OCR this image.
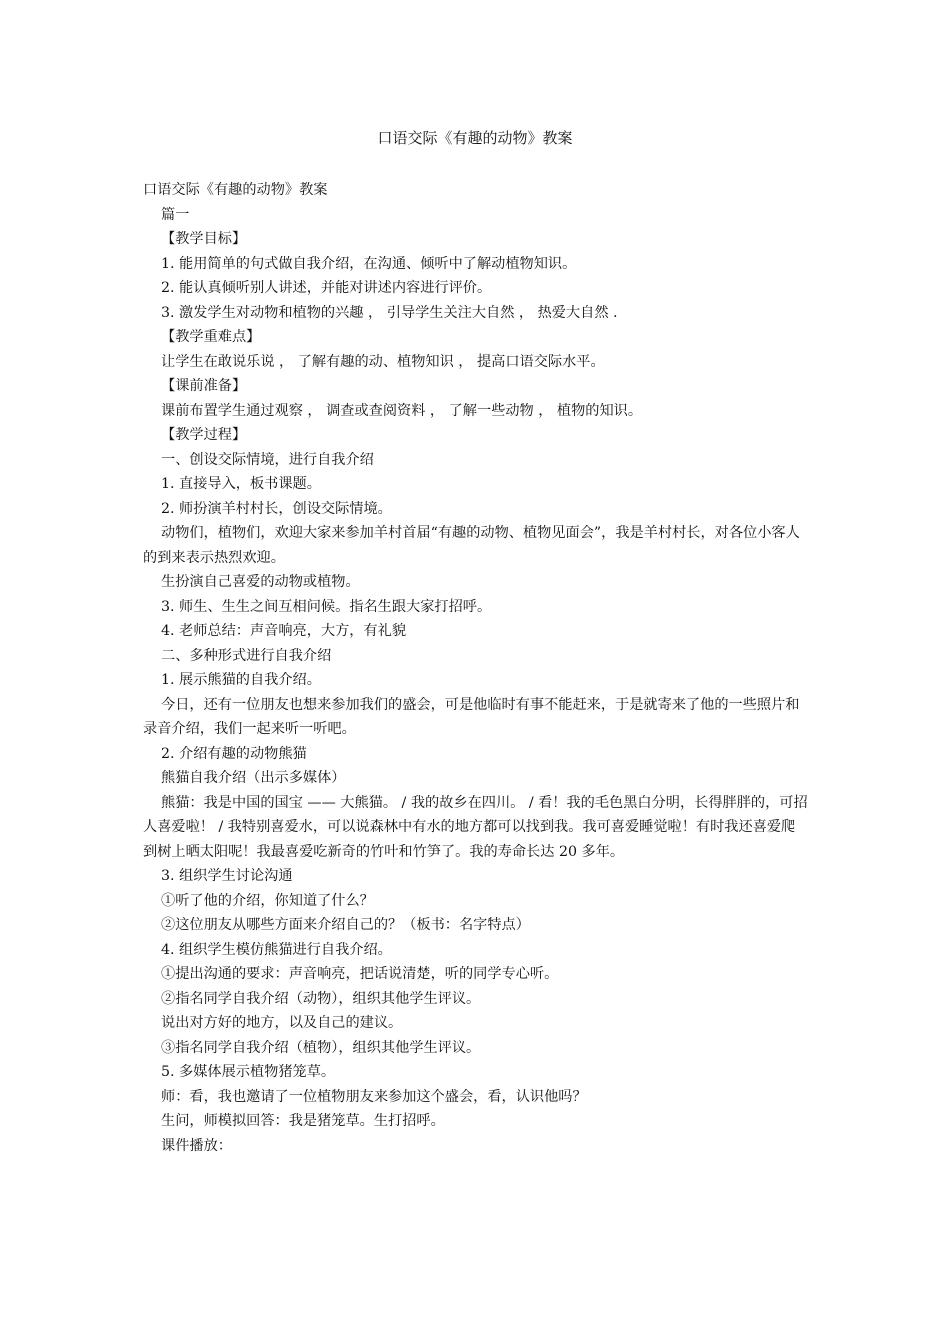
口语交际《有趣的动物》教案

口语交际《有趣的动物》教案

篇一

【教学目标】

1. 能用简单的句式做自我介绍，在沟通、倾听中了解动植物知识。

2. 能认真倾听别人讲述，并能对讲述内容进行评价。

3. 激发学生对动物和植物的兴趣 ， 引导学生关注大自然 ， 热爱大自然 .

【教学重难点】

让学生在敢说乐说 ， 了解有趣的动、植物知识 ， 提高口语交际水平。

【课前准备】

课前布置学生通过观察 ， 调查或查阅资料 ， 了解一些动物 ， 植物的知识。

【教学过程】

一、创设交际情境，进行自我介绍

1. 直接导入，板书课题。

2. 师扮演羊村村长，创设交际情境。

动物们，植物们，欢迎大家来参加羊村首届“有趣的动物、植物见面会”，我是羊村村长，对各位小客人的到来表示热烈欢迎。

生扮演自己喜爱的动物或植物。

3. 师生、生生之间互相问候。指名生跟大家打招呼。

4. 老师总结：声音响亮，大方，有礼貌

二、多种形式进行自我介绍

1. 展示熊猫的自我介绍。

今日，还有一位朋友也想来参加我们的盛会，可是他临时有事不能赶来，于是就寄来了他的一些照片和录音介绍，我们一起来听一听吧。

2. 介绍有趣的动物熊猫

熊猫自我介绍（出示多媒体）

熊猫：我是中国的国宝 —— 大熊猫。 / 我的故乡在四川。 / 看！我的毛色黑白分明，长得胖胖的，可招人喜爱啦！ / 我特别喜爱水，可以说森林中有水的地方都可以找到我。我可喜爱睡觉啦！有时我还喜爱爬到树上晒太阳呢！我最喜爱吃新奇的竹叶和竹笋了。我的寿命长达 20 多年。

3. 组织学生讨论沟通

①听了他的介绍，你知道了什么？

②这位朋友从哪些方面来介绍自己的？（板书：名字特点）

4. 组织学生模仿熊猫进行自我介绍。

①提出沟通的要求：声音响亮，把话说清楚，听的同学专心听。

②指名同学自我介绍（动物），组织其他学生评议。

说出对方好的地方，以及自己的建议。

③指名同学自我介绍（植物），组织其他学生评议。

5. 多媒体展示植物猪笼草。

师：看，我也邀请了一位植物朋友来参加这个盛会，看，认识他吗？

生问，师模拟回答：我是猪笼草。生打招呼。

课件播放：
